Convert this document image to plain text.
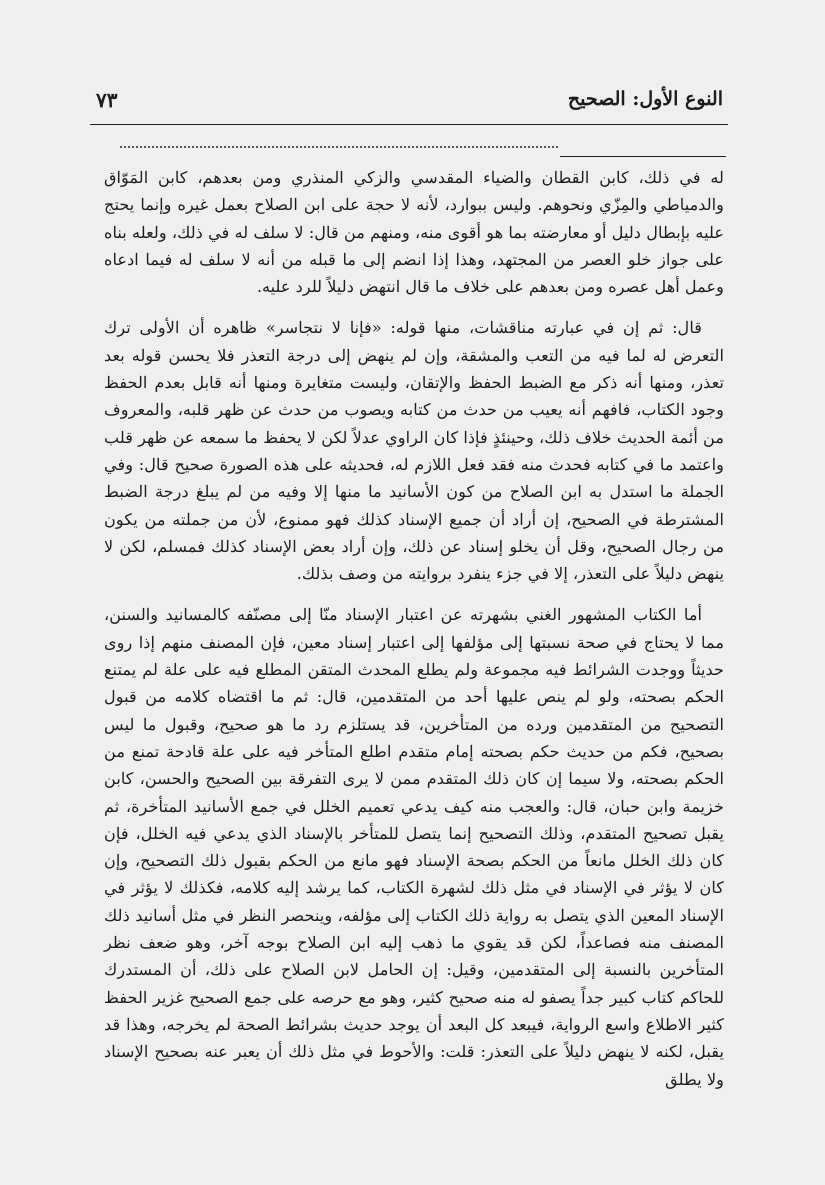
النوع الأول: الصحيح
٧٣

له في ذلك، كابن القطان والضياء المقدسي والزكي المنذري ومن بعدهم، كابن المَوّاق والدمياطي والمِزّي ونحوهم. وليس ببوارد، لأنه لا حجة على ابن الصلاح بعمل غيره وإنما يحتج عليه بإبطال دليل أو معارضته بما هو أقوى منه، ومنهم من قال: لا سلف له في ذلك، ولعله بناه على جواز خلو العصر من المجتهد، وهذا إذا انضم إلى ما قبله من أنه لا سلف له فيما ادعاه وعمل أهل عصره ومن بعدهم على خلاف ما قال انتهض دليلاً للرد عليه.

قال: ثم إن في عبارته مناقشات، منها قوله: «فإنا لا نتجاسر» ظاهره أن الأولى ترك التعرض له لما فيه من التعب والمشقة، وإن لم ينهض إلى درجة التعذر فلا يحسن قوله بعد تعذر، ومنها أنه ذكر مع الضبط الحفظ والإتقان، وليست متغايرة ومنها أنه قابل بعدم الحفظ وجود الكتاب، فافهم أنه يعيب من حدث من كتابه ويصوب من حدث عن ظهر قلبه، والمعروف من أئمة الحديث خلاف ذلك، وحينئذٍ فإذا كان الراوي عدلاً لكن لا يحفظ ما سمعه عن ظهر قلب واعتمد ما في كتابه فحدث منه فقد فعل اللازم له، فحديثه على هذه الصورة صحيح قال: وفي الجملة ما استدل به ابن الصلاح من كون الأسانيد ما منها إلا وفيه من لم يبلغ درجة الضبط المشترطة في الصحيح، إن أراد أن جميع الإسناد كذلك فهو ممنوع، لأن من جملته من يكون من رجال الصحيح، وقل أن يخلو إسناد عن ذلك، وإن أراد بعض الإسناد كذلك فمسلم، لكن لا ينهض دليلاً على التعذر، إلا في جزء ينفرد بروايته من وصف بذلك.

أما الكتاب المشهور الغني بشهرته عن اعتبار الإسناد منّا إلى مصنّفه كالمسانيد والسنن، مما لا يحتاج في صحة نسبتها إلى مؤلفها إلى اعتبار إسناد معين، فإن المصنف منهم إذا روى حديثاً ووجدت الشرائط فيه مجموعة ولم يطلع المحدث المتقن المطلع فيه على علة لم يمتنع الحكم بصحته، ولو لم ينص عليها أحد من المتقدمين، قال: ثم ما اقتضاه كلامه من قبول التصحيح من المتقدمين ورده من المتأخرين، قد يستلزم رد ما هو صحيح، وقبول ما ليس بصحيح، فكم من حديث حكم بصحته إمام متقدم اطلع المتأخر فيه على علة قادحة تمنع من الحكم بصحته، ولا سيما إن كان ذلك المتقدم ممن لا يرى التفرقة بين الصحيح والحسن، كابن خزيمة وابن حبان، قال: والعجب منه كيف يدعي تعميم الخلل في جمع الأسانيد المتأخرة، ثم يقبل تصحيح المتقدم، وذلك التصحيح إنما يتصل للمتأخر بالإسناد الذي يدعي فيه الخلل، فإن كان ذلك الخلل مانعاً من الحكم بصحة الإسناد فهو مانع من الحكم بقبول ذلك التصحيح، وإن كان لا يؤثر في الإسناد في مثل ذلك لشهرة الكتاب، كما يرشد إليه كلامه، فكذلك لا يؤثر في الإسناد المعين الذي يتصل به رواية ذلك الكتاب إلى مؤلفه، وينحصر النظر في مثل أسانيد ذلك المصنف منه فصاعداً، لكن قد يقوي ما ذهب إليه ابن الصلاح بوجه آخر، وهو ضعف نظر المتأخرين بالنسبة إلى المتقدمين، وقيل: إن الحامل لابن الصلاح على ذلك، أن المستدرك للحاكم كتاب كبير جداً يصفو له منه صحيح كثير، وهو مع حرصه على جمع الصحيح غزير الحفظ كثير الاطلاع واسع الرواية، فيبعد كل البعد أن يوجد حديث بشرائط الصحة لم يخرجه، وهذا قد يقبل، لكنه لا ينهض دليلاً على التعذر: قلت: والأحوط في مثل ذلك أن يعبر عنه بصحيح الإسناد ولا يطلق
